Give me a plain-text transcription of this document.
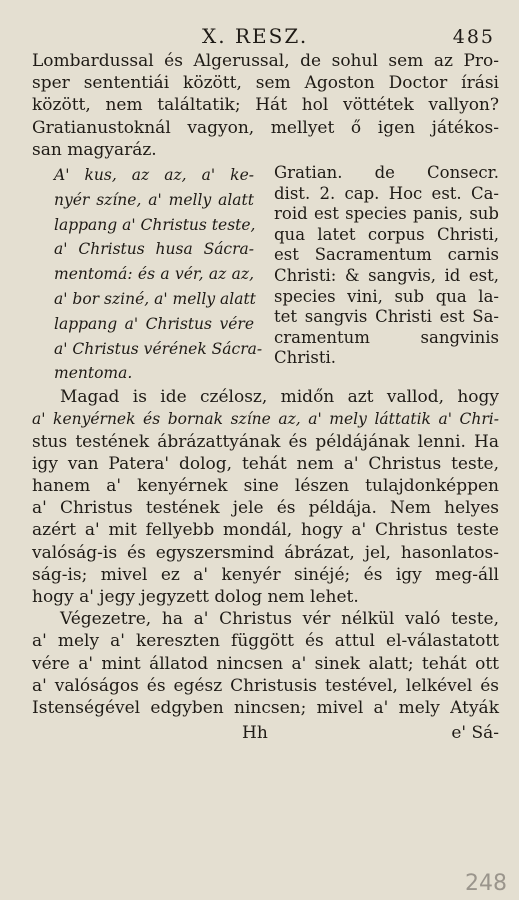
X. RESZ.	485
Lombardussal és Algerussal, de sohul sem az Pro-
sper sententiái között, sem Agoston Doctor írási
között, nem találtatik; Hát hol vöttétek vallyon?
Gratianustoknál vagyon, mellyet ő igen játékos-
san magyaráz.
A' kus, az az, a' ke-
nyér színe, a' melly alatt
lappang a' Christus teste,
a' Christus husa Sácra-
mentomá: és a vér, az az,
a' bor sziné, a' melly alatt
lappang a' Christus vére
a' Christus vérének Sácra-
mentoma.
Gratian. de Consecr.
dist. 2. cap. Hoc est. Ca-
roid est species panis, sub
qua latet corpus Christi,
est Sacramentum carnis
Christi: & sangvis, id est,
species vini, sub qua la-
tet sangvis Christi est Sa-
cramentum sangvinis
Christi.
Magad is ide czélosz, midőn azt vallod, hogy
a' kenyérnek és bornak színe az, a' mely láttatik a' Chri-
stus testének ábrázattyának és példájának lenni. Ha
igy van Patera' dolog, tehát nem a' Christus teste,
hanem a' kenyérnek sine lészen tulajdonképpen
a' Christus testének jele és példája. Nem helyes
azért a' mit fellyebb mondál, hogy a' Christus teste
valóság-is és egyszersmind ábrázat, jel, hasonlatos-
ság-is; mivel ez a' kenyér sinéjé; és igy meg-áll
hogy a' jegy jegyzett dolog nem lehet.
Végezetre, ha a' Christus vér nélkül való teste,
a' mely a' kereszten függött és attul el-válastatott
vére a' mint állatod nincsen a' sinek alatt; tehát ott
a' valóságos és egész Christusis testével, lelkével és
Istenségével edgyben nincsen; mivel a' mely Atyák
Hh	e' Sá-
248
